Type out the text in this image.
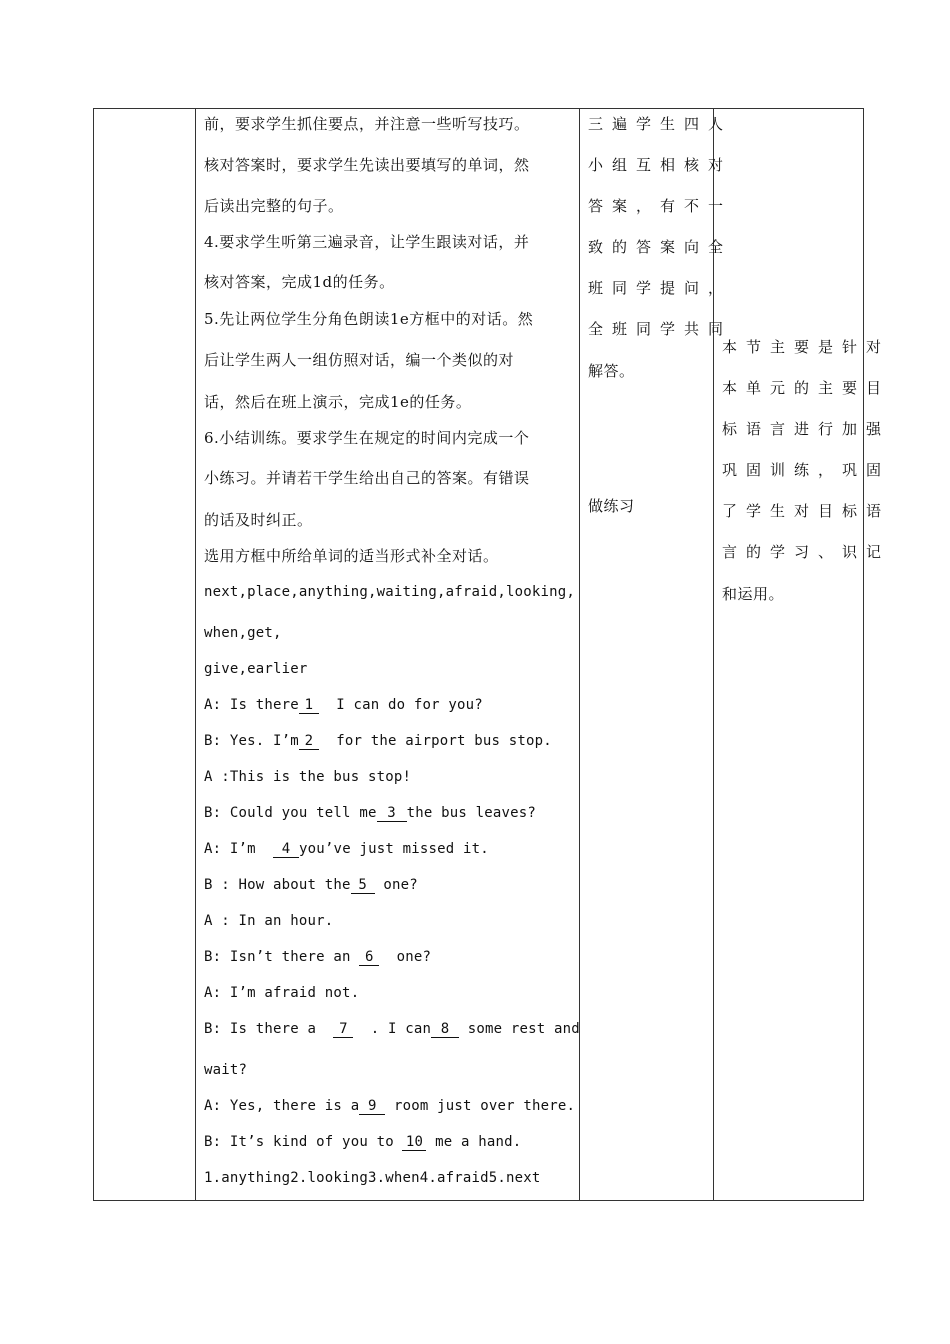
前，要求学生抓住要点，并注意一些听写技巧。
核对答案时，要求学生先读出要填写的单词，然
后读出完整的句子。
4.要求学生听第三遍录音，让学生跟读对话，并
核对答案，完成1d的任务。
5.先让两位学生分角色朗读1e方框中的对话。然
后让学生两人一组仿照对话，编一个类似的对
话，然后在班上演示，完成1e的任务。
6.小结训练。要求学生在规定的时间内完成一个
小练习。并请若干学生给出自己的答案。有错误
的话及时纠正。
选用方框中所给单词的适当形式补全对话。
next,place,anything,waiting,afraid,looking,
when,get,
give,earlier
A: Is there 1 I can do for you?
B: Yes. I’m 2 for the airport bus stop.
A :This is the bus stop!
B: Could you tell me 3 the bus leaves?
A: I’m 4 you’ve just missed it.
B : How about the 5 one?
A : In an hour.
B: Isn’t there an 6 one?
A: I’m afraid not.
B: Is there a 7 . I can 8 some rest and
wait?
A: Yes, there is a 9 room just over there.
B: It’s kind of you to 10 me a hand.
1.anything2.looking3.when4.afraid5.next
三遍学生四人
小组互相核对
答案，有不一
致的答案向全
班同学提问，
全班同学共同
解答。
做练习
本节主要是针对
本单元的主要目
标语言进行加强
巩固训练，巩固
了学生对目标语
言的学习、识记
和运用。
